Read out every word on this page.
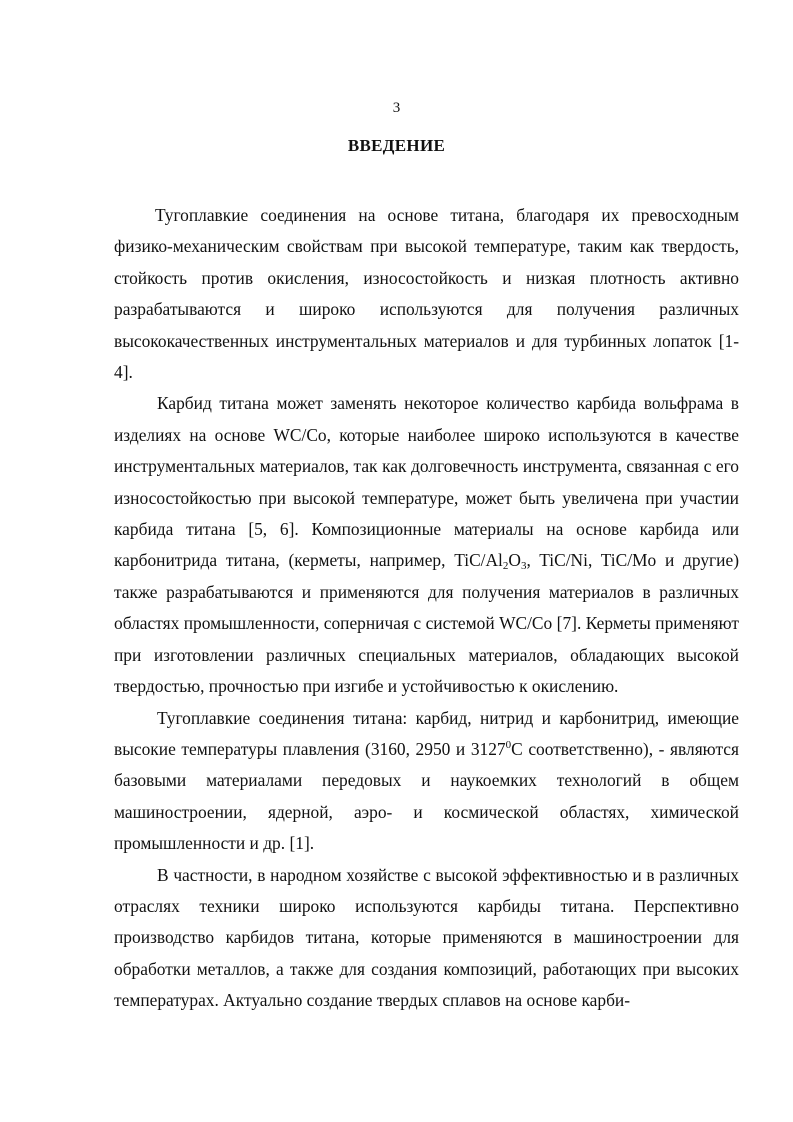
3
ВВЕДЕНИЕ

Тугоплавкие соединения на основе титана, благодаря их превосходным физико-механическим свойствам при высокой температуре, таким как твердость, стойкость против окисления, износостойкость и низкая плотность активно разрабатываются и широко используются для получения различных высококачественных инструментальных материалов и для турбинных лопаток [1-4].

Карбид титана может заменять некоторое количество карбида вольфрама в изделиях на основе WC/Co, которые наиболее широко используются в качестве инструментальных материалов, так как долговечность инструмента, связанная с его износостойкостью при высокой температуре, может быть увеличена при участии карбида титана [5, 6]. Композиционные материалы на основе карбида или карбонитрида титана, (керметы, например, TiC/$Al_2O_3$, TiC/Ni, TiC/Mo и другие) также разрабатываются и применяются для получения материалов в различных областях промышленности, соперничая с системой WC/Co [7]. Керметы применяют при изготовлении различных специальных материалов, обладающих высокой твердостью, прочностью при изгибе и устойчивостью к окислению.

Тугоплавкие соединения титана: карбид, нитрид и карбонитрид, имеющие высокие температуры плавления (3160, 2950 и 3127$^0$С соответственно), - являются базовыми материалами передовых и наукоемких технологий в общем машиностроении, ядерной, аэро- и космической областях, химической промышленности и др. [1].

В частности, в народном хозяйстве с высокой эффективностью и в различных отраслях техники широко используются карбиды титана. Перспективно производство карбидов титана, которые применяются в машиностроении для обработки металлов, а также для создания композиций, работающих при высоких температурах. Актуально создание твердых сплавов на основе карби-
